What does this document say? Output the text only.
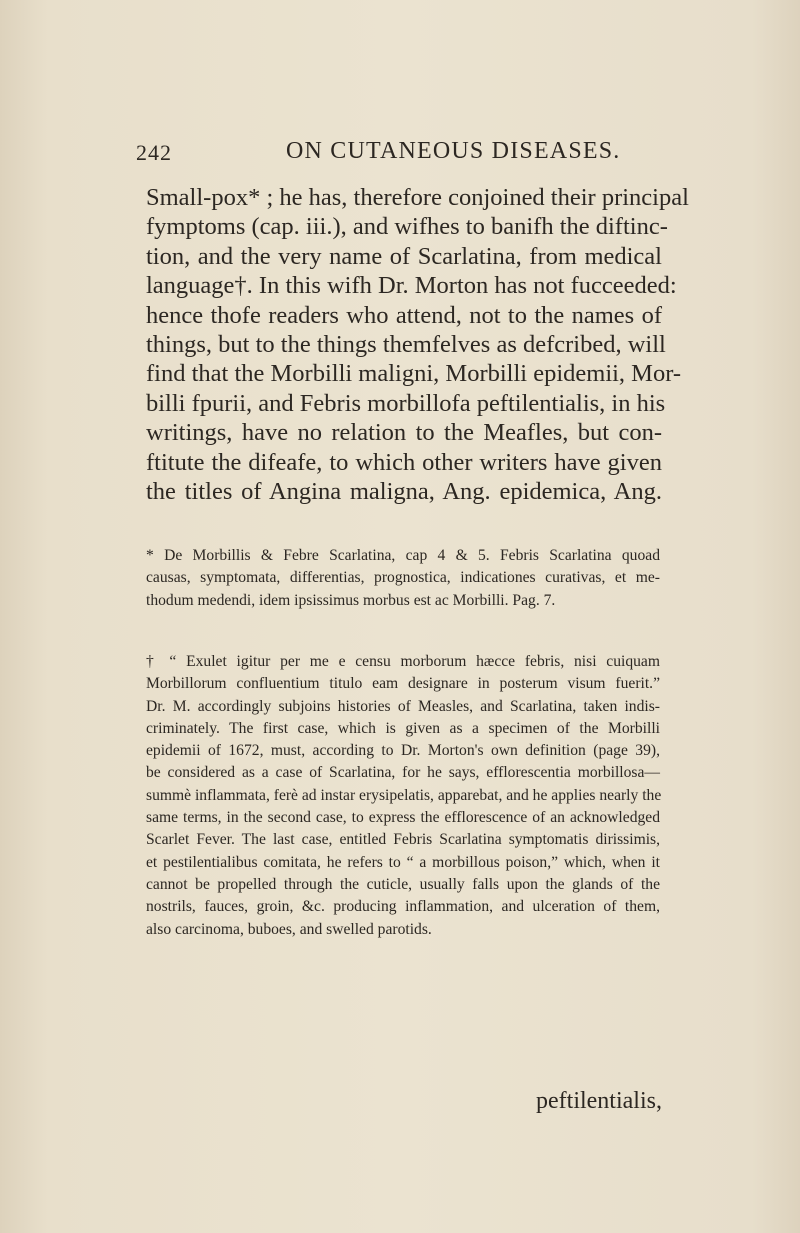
242	ON CUTANEOUS DISEASES.
Small-pox* ; he has, therefore conjoined their principal
fymptoms (cap. iii.), and wifhes to banifh the diftinc-
tion, and the very name of Scarlatina, from medical
language†. In this wifh Dr. Morton has not fucceeded:
hence thofe readers who attend, not to the names of
things, but to the things themfelves as defcribed, will
find that the Morbilli maligni, Morbilli epidemii, Mor-
billi fpurii, and Febris morbillofa peftilentialis, in his
writings, have no relation to the Meafles, but con-
ftitute the difeafe, to which other writers have given
the titles of Angina maligna, Ang. epidemica, Ang.
* De Morbillis & Febre Scarlatina, cap 4 & 5. Febris Scarlatina quoad
causas, symptomata, differentias, prognostica, indicationes curativas, et me-
thodum medendi, idem ipsissimus morbus est ac Morbilli. Pag. 7.
† “ Exulet igitur per me e censu morborum hæcce febris, nisi cuiquam
Morbillorum confluentium titulo eam designare in posterum visum fuerit.”
Dr. M. accordingly subjoins histories of Measles, and Scarlatina, taken indis-
criminately. The first case, which is given as a specimen of the Morbilli
epidemii of 1672, must, according to Dr. Morton's own definition (page 39),
be considered as a case of Scarlatina, for he says, efflorescentia morbillosa—
summè inflammata, ferè ad instar erysipelatis, apparebat, and he applies nearly the
same terms, in the second case, to express the efflorescence of an acknowledged
Scarlet Fever. The last case, entitled Febris Scarlatina symptomatis dirissimis,
et pestilentialibus comitata, he refers to “ a morbillous poison,” which, when it
cannot be propelled through the cuticle, usually falls upon the glands of the
nostrils, fauces, groin, &c. producing inflammation, and ulceration of them,
also carcinoma, buboes, and swelled parotids.
peftilentialis,
